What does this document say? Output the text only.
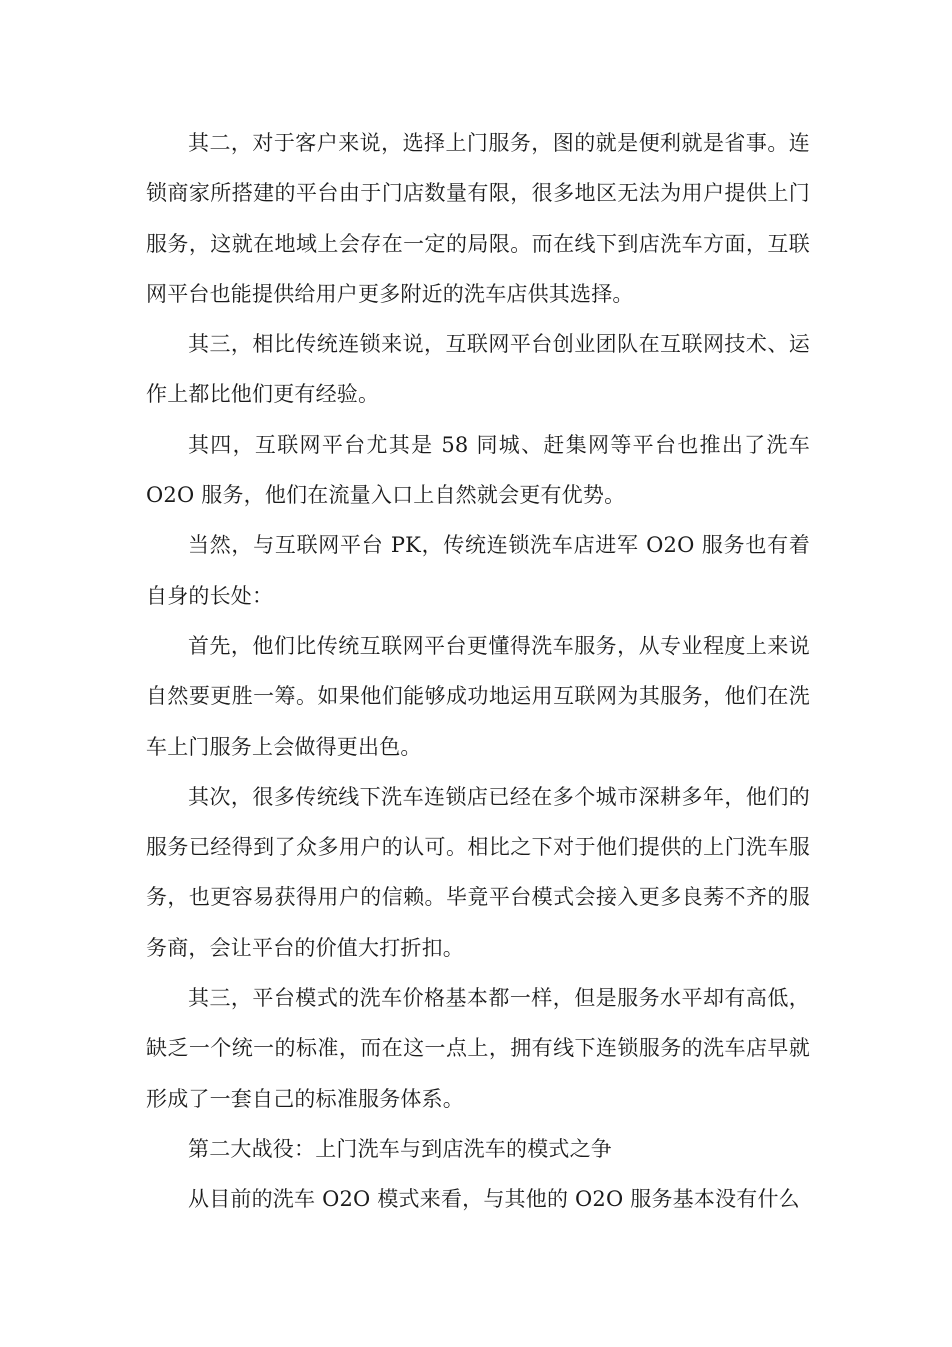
其二，对于客户来说，选择上门服务，图的就是便利就是省事。连锁商家所搭建的平台由于门店数量有限，很多地区无法为用户提供上门服务，这就在地域上会存在一定的局限。而在线下到店洗车方面，互联网平台也能提供给用户更多附近的洗车店供其选择。

其三，相比传统连锁来说，互联网平台创业团队在互联网技术、运作上都比他们更有经验。

其四，互联网平台尤其是 58 同城、赶集网等平台也推出了洗车 O2O 服务，他们在流量入口上自然就会更有优势。

当然，与互联网平台 PK，传统连锁洗车店进军 O2O 服务也有着自身的长处：

首先，他们比传统互联网平台更懂得洗车服务，从专业程度上来说自然要更胜一筹。如果他们能够成功地运用互联网为其服务，他们在洗车上门服务上会做得更出色。

其次，很多传统线下洗车连锁店已经在多个城市深耕多年，他们的服务已经得到了众多用户的认可。相比之下对于他们提供的上门洗车服务，也更容易获得用户的信赖。毕竟平台模式会接入更多良莠不齐的服务商，会让平台的价值大打折扣。

其三，平台模式的洗车价格基本都一样，但是服务水平却有高低，缺乏一个统一的标准，而在这一点上，拥有线下连锁服务的洗车店早就形成了一套自己的标准服务体系。

第二大战役：上门洗车与到店洗车的模式之争

从目前的洗车 O2O 模式来看，与其他的 O2O 服务基本没有什么
